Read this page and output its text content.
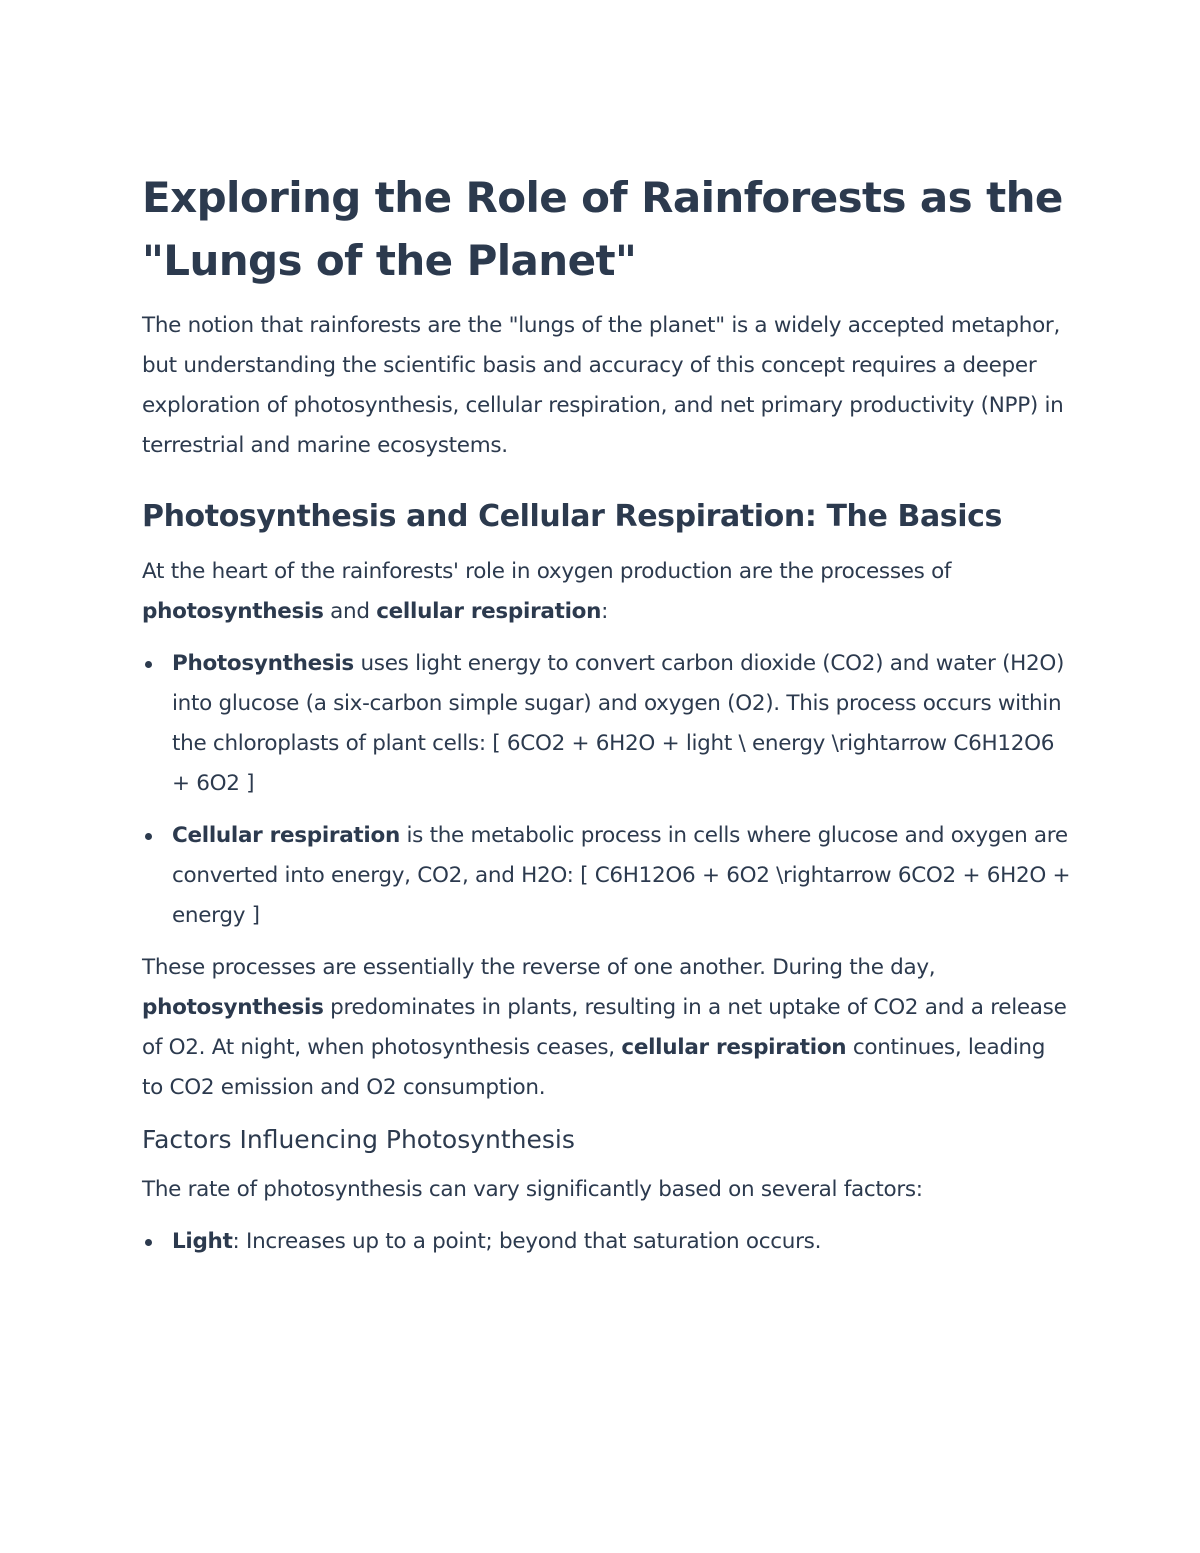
Exploring the Role of Rainforests as the "Lungs of the Planet"

The notion that rainforests are the "lungs of the planet" is a widely accepted metaphor, but understanding the scientific basis and accuracy of this concept requires a deeper exploration of photosynthesis, cellular respiration, and net primary productivity (NPP) in terrestrial and marine ecosystems.

Photosynthesis and Cellular Respiration: The Basics

At the heart of the rainforests' role in oxygen production are the processes of photosynthesis and cellular respiration:

Photosynthesis uses light energy to convert carbon dioxide (CO2) and water (H2O) into glucose (a six-carbon simple sugar) and oxygen (O2). This process occurs within the chloroplasts of plant cells: [ 6CO2 + 6H2O + light \ energy \rightarrow C6H12O6 + 6O2 ]
Cellular respiration is the metabolic process in cells where glucose and oxygen are converted into energy, CO2, and H2O: [ C6H12O6 + 6O2 \rightarrow 6CO2 + 6H2O + energy ]

These processes are essentially the reverse of one another. During the day, photosynthesis predominates in plants, resulting in a net uptake of CO2 and a release of O2. At night, when photosynthesis ceases, cellular respiration continues, leading to CO2 emission and O2 consumption.

Factors Influencing Photosynthesis

The rate of photosynthesis can vary significantly based on several factors:

Light: Increases up to a point; beyond that saturation occurs.
